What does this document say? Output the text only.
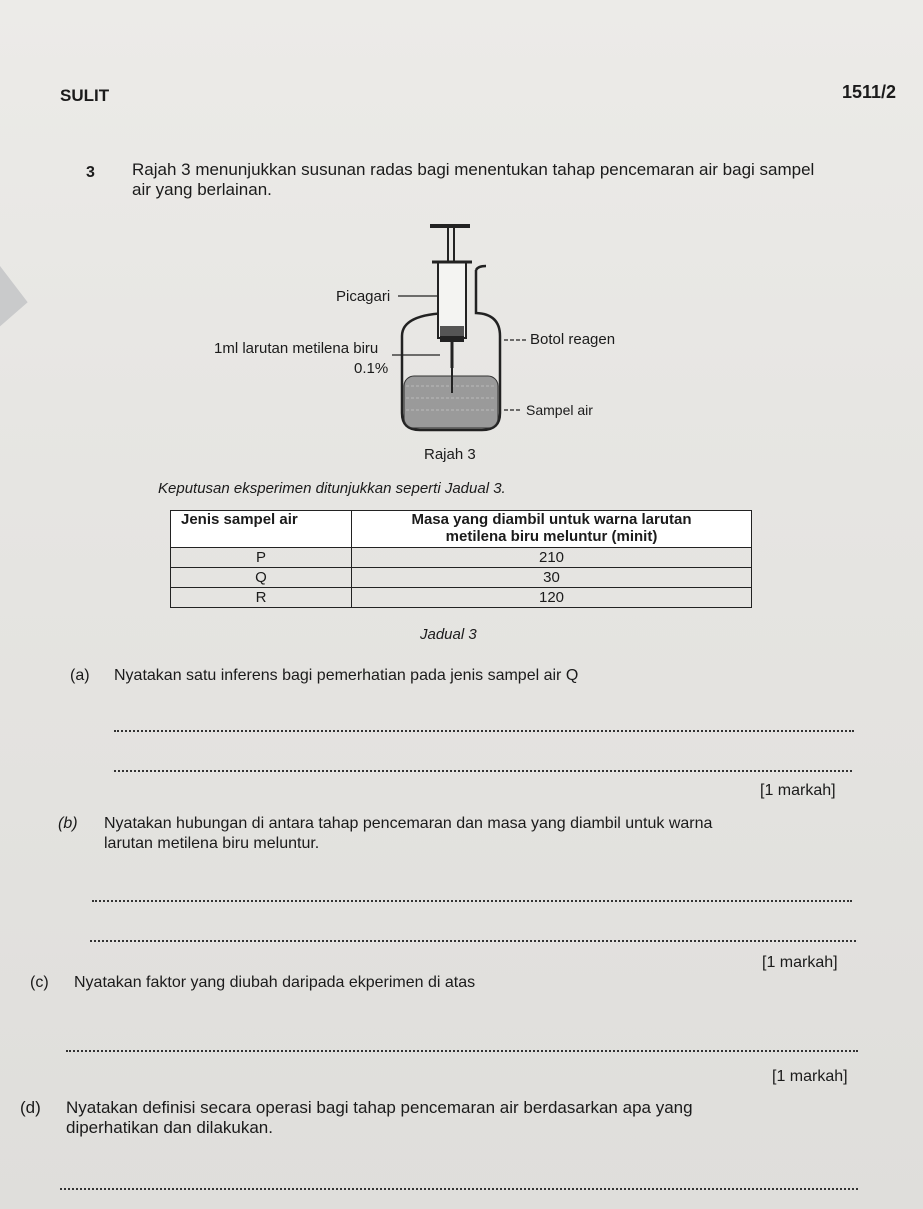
SULIT	1511/2
3 Rajah 3 menunjukkan susunan radas bagi menentukan tahap pencemaran air bagi sampel
air yang berlainan.
Picagari
1ml larutan metilena biru
0.1%
Botol reagen
Sampel air
Rajah 3
Keputusan eksperimen ditunjukkan seperti Jadual 3.
Jenis sampel air	Masa yang diambil untuk warna larutan
metilena biru meluntur (minit)

P	210
Q	30
R	120
Jadual 3
(a) Nyatakan satu inferens bagi pemerhatian pada jenis sampel air Q
[1 markah]
(b) Nyatakan hubungan di antara tahap pencemaran dan masa yang diambil untuk warna
larutan metilena biru meluntur.
[1 markah]
(c) Nyatakan faktor yang diubah daripada ekperimen di atas
[1 markah]
(d) Nyatakan definisi secara operasi bagi tahap pencemaran air berdasarkan apa yang
diperhatikan dan dilakukan.
